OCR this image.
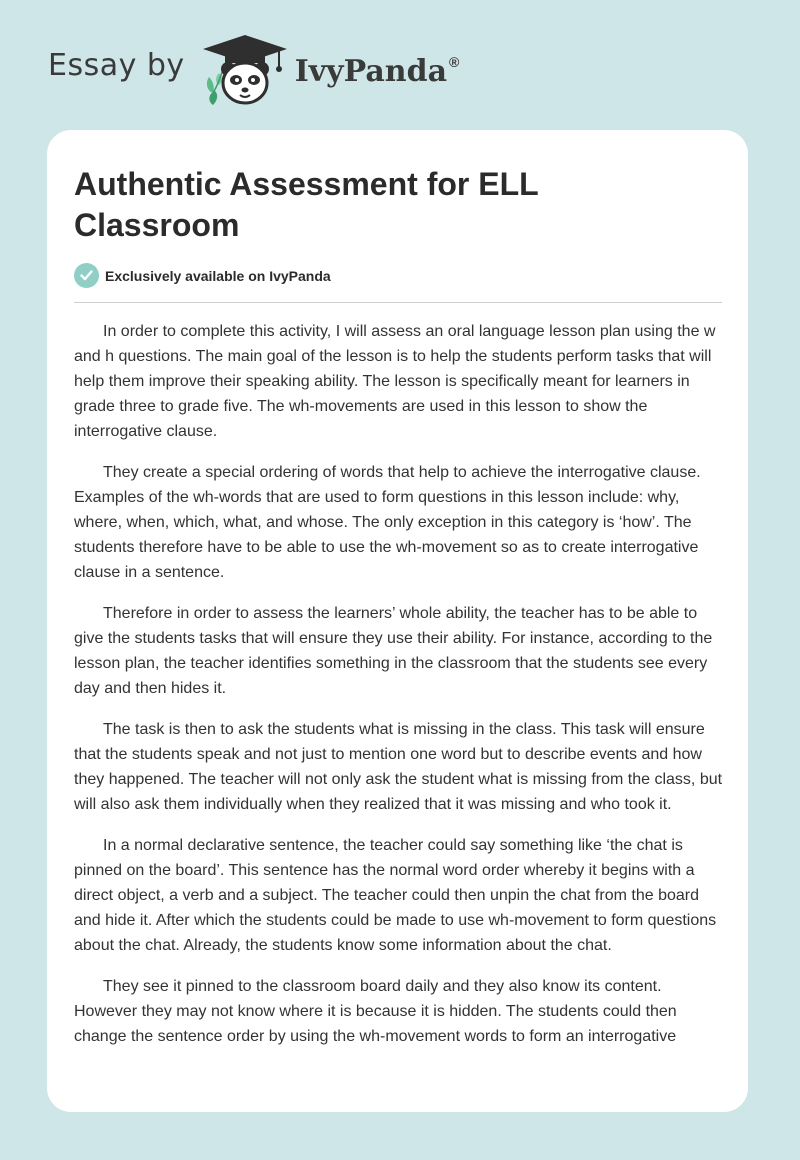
Essay by	IvyPanda ®
Authentic Assessment for ELL Classroom
Exclusively available on IvyPanda

In order to complete this activity, I will assess an oral language lesson plan using the w and h questions. The main goal of the lesson is to help the students perform tasks that will help them improve their speaking ability. The lesson is specifically meant for learners in grade three to grade five. The wh-movements are used in this lesson to show the interrogative clause.

They create a special ordering of words that help to achieve the interrogative clause. Examples of the wh-words that are used to form questions in this lesson include: why, where, when, which, what, and whose. The only exception in this category is ‘how’. The students therefore have to be able to use the wh-movement so as to create interrogative clause in a sentence.

Therefore in order to assess the learners’ whole ability, the teacher has to be able to give the students tasks that will ensure they use their ability. For instance, according to the lesson plan, the teacher identifies something in the classroom that the students see every day and then hides it.

The task is then to ask the students what is missing in the class. This task will ensure that the students speak and not just to mention one word but to describe events and how they happened. The teacher will not only ask the student what is missing from the class, but will also ask them individually when they realized that it was missing and who took it.

In a normal declarative sentence, the teacher could say something like ‘the chat is pinned on the board’. This sentence has the normal word order whereby it begins with a direct object, a verb and a subject. The teacher could then unpin the chat from the board and hide it. After which the students could be made to use wh-movement to form questions about the chat. Already, the students know some information about the chat.

They see it pinned to the classroom board daily and they also know its content. However they may not know where it is because it is hidden. The students could then change the sentence order by using the wh-movement words to form an interrogative
